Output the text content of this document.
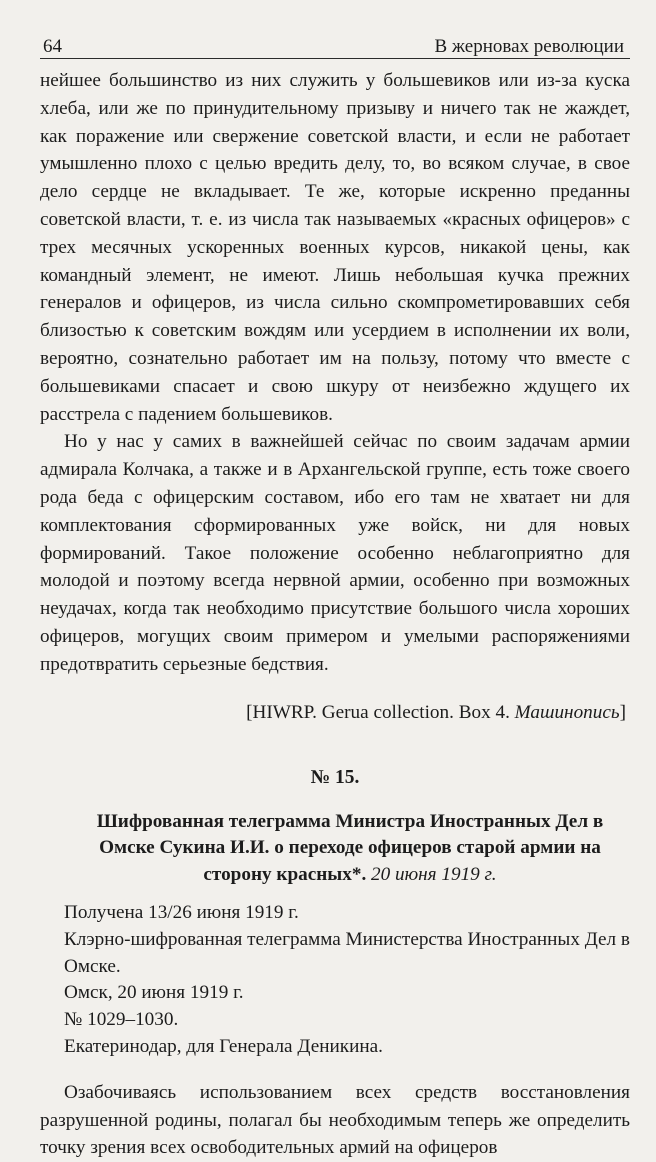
64	В жерновах революции

нейшее большинство из них служить у большевиков или из-за куска хлеба, или же по принудительному призыву и ничего так не жаждет, как поражение или свержение советской власти, и если не работает умышленно плохо с целью вредить делу, то, во всяком случае, в свое дело сердце не вкладывает. Те же, которые искренно преданны советской власти, т. е. из числа так называемых «красных офицеров» с трех месячных ускоренных военных курсов, никакой цены, как командный элемент, не имеют. Лишь небольшая кучка прежних генералов и офицеров, из числа сильно скомпрометировавших себя близостью к советским вождям или усердием в исполнении их воли, вероятно, сознательно работает им на пользу, потому что вместе с большевиками спасает и свою шкуру от неизбежно ждущего их расстрела с падением большевиков.

Но у нас у самих в важнейшей сейчас по своим задачам армии адмирала Колчака, а также и в Архангельской группе, есть тоже своего рода беда с офицерским составом, ибо его там не хватает ни для комплектования сформированных уже войск, ни для новых формирований. Такое положение особенно неблагоприятно для молодой и поэтому всегда нервной армии, особенно при возможных неудачах, когда так необходимо присутствие большого числа хороших офицеров, могущих своим примером и умелыми распоряжениями предотвратить серьезные бедствия.

[HIWRP. Gerua collection. Box 4. Машинопись]
№ 15.
Шифрованная телеграмма Министра Иностранных Дел в Омске Сукина И.И. о переходе офицеров старой армии на сторону красных*. 20 июня 1919 г.

Получена 13/26 июня 1919 г.

Клэрно-шифрованная телеграмма Министерства Иностранных Дел в Омске.

Омск, 20 июня 1919 г.

№ 1029–1030.

Екатеринодар, для Генерала Деникина.

Озабочиваясь использованием всех средств восстановления разрушенной родины, полагал бы необходимым теперь же определить точку зрения всех освободительных армий на офицеров
